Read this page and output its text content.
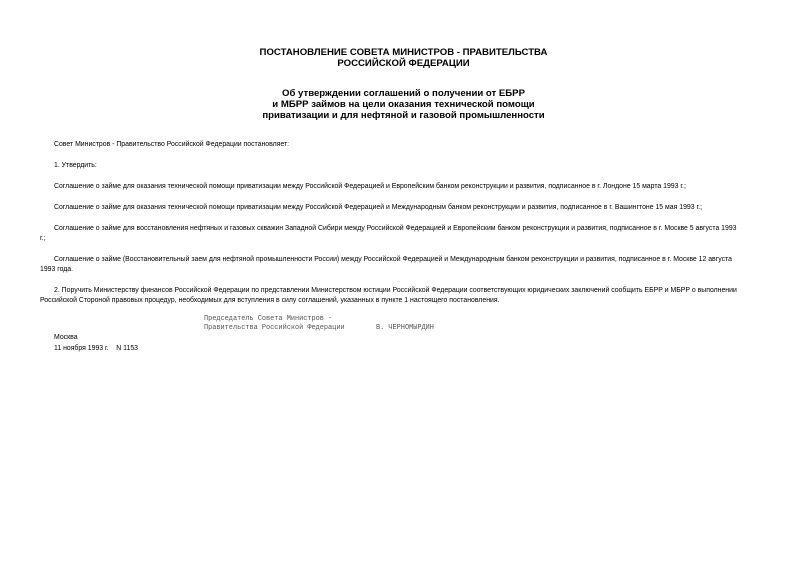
ПОСТАНОВЛЕНИЕ СОВЕТА МИНИСТРОВ - ПРАВИТЕЛЬСТВА
РОССИЙСКОЙ ФЕДЕРАЦИИ
Об утверждении соглашений о получении от ЕБРР
и МБРР займов на цели оказания технической помощи
приватизации и для нефтяной и газовой промышленности
Совет Министров - Правительство Российской Федерации постановляет:
1. Утвердить:
Соглашение о займе для оказания технической помощи приватизации между Российской Федерацией и Европейским банком реконструкции и развития, подписанное в г. Лондоне 15 марта 1993 г.;
Соглашение о займе для оказания технической помощи приватизации между Российской Федерацией и Международным банком реконструкции и развития, подписанное в г. Вашингтоне 15 мая 1993 г.;
Соглашение о займе для восстановления нефтяных и газовых скважин Западной Сибири между Российской Федерацией и Европейским банком реконструкции и развития, подписанное в г. Москве 5 августа 1993
г.;
Соглашение о займе (Восстановительный заем для нефтяной промышленности России) между Российской Федерацией и Международным банком реконструкции и развития, подписанное в г. Москве 12 августа
1993 года.
2. Поручить Министерству финансов Российской Федерации по представлении Министерством юстиции Российской Федерации соответствующих юридических заключений сообщить ЕБРР и МБРР о выполнении
Российской Стороной правовых процедур, необходимых для вступления в силу соглашений, указанных в пункте 1 настоящего постановления.
Председатель Совета Министров -
Правительства Российской Федерации	В. ЧЕРНОМЫРДИН
Москва
11 ноября 1993 г.    N 1153
